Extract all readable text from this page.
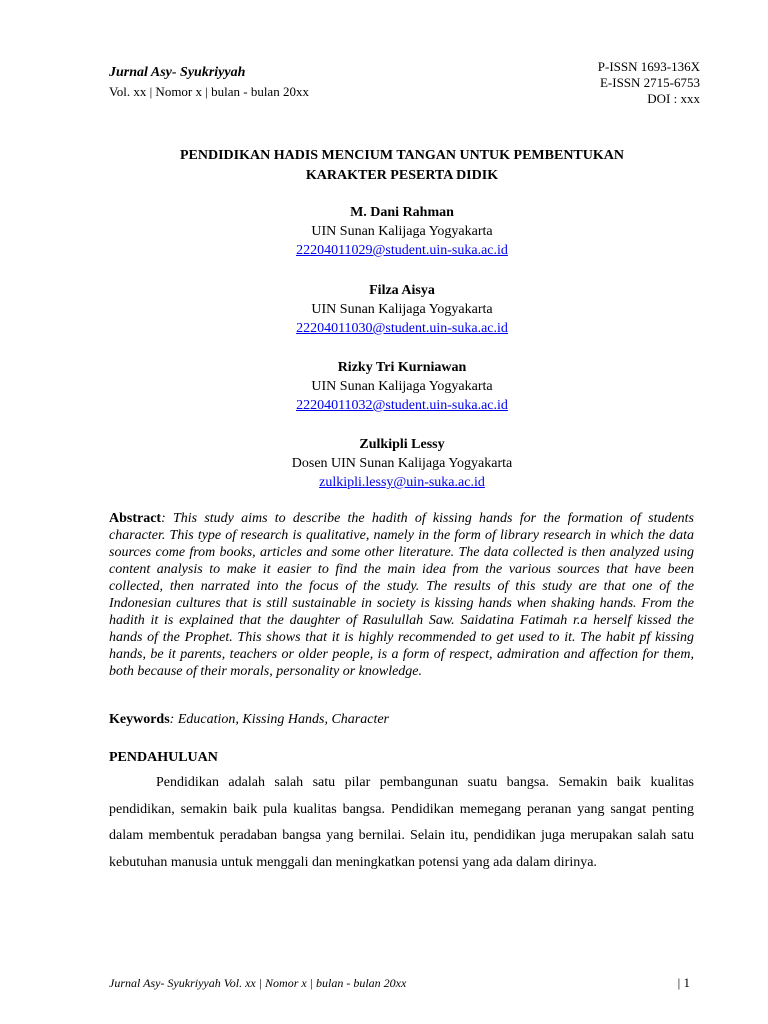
Jurnal Asy- Syukriyyah
Vol. xx | Nomor x | bulan - bulan 20xx
P-ISSN 1693-136X
E-ISSN 2715-6753
DOI : xxx
PENDIDIKAN HADIS MENCIUM TANGAN UNTUK PEMBENTUKAN
KARAKTER PESERTA DIDIK
M. Dani Rahman
UIN Sunan Kalijaga Yogyakarta
22204011029@student.uin-suka.ac.id
Filza Aisya
UIN Sunan Kalijaga Yogyakarta
22204011030@student.uin-suka.ac.id
Rizky Tri Kurniawan
UIN Sunan Kalijaga Yogyakarta
22204011032@student.uin-suka.ac.id
Zulkipli Lessy
Dosen UIN Sunan Kalijaga Yogyakarta
zulkipli.lessy@uin-suka.ac.id
Abstract: This study aims to describe the hadith of kissing hands for the formation of students character. This type of research is qualitative, namely in the form of library research in which the data sources come from books, articles and some other literature. The data collected is then analyzed using content analysis to make it easier to find the main idea from the various sources that have been collected, then narrated into the focus of the study. The results of this study are that one of the Indonesian cultures that is still sustainable in society is kissing hands when shaking hands. From the hadith it is explained that the daughter of Rasulullah Saw. Saidatina Fatimah r.a herself kissed the hands of the Prophet. This shows that it is highly recommended to get used to it. The habit pf kissing hands, be it parents, teachers or older people, is a form of respect, admiration and affection for them, both because of their morals, personality or knowledge.
Keywords: Education, Kissing Hands, Character
PENDAHULUAN
Pendidikan adalah salah satu pilar pembangunan suatu bangsa. Semakin baik kualitas pendidikan, semakin baik pula kualitas bangsa. Pendidikan memegang peranan yang sangat penting dalam membentuk peradaban bangsa yang bernilai. Selain itu, pendidikan juga merupakan salah satu kebutuhan manusia untuk menggali dan meningkatkan potensi yang ada dalam dirinya.
Jurnal Asy- Syukriyyah Vol. xx | Nomor x | bulan - bulan 20xx	| 1
